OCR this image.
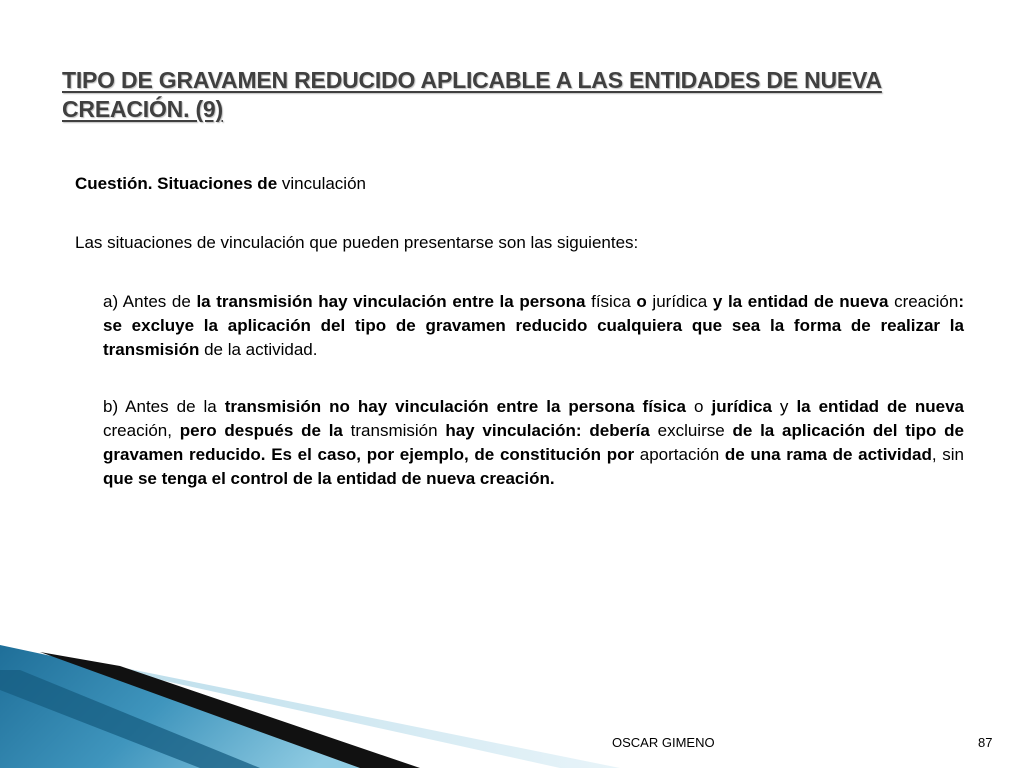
TIPO DE GRAVAMEN REDUCIDO APLICABLE A LAS ENTIDADES DE NUEVA CREACIÓN. (9)

Cuestión. Situaciones de vinculación

Las situaciones de vinculación que pueden presentarse son las siguientes:

a) Antes de la transmisión hay vinculación entre la persona física o jurídica y la entidad de nueva creación: se excluye la aplicación del tipo de gravamen reducido cualquiera que sea la forma de realizar la transmisión de la actividad.

b) Antes de la transmisión no hay vinculación entre la persona física o jurídica y la entidad de nueva creación, pero después de la transmisión hay vinculación: debería excluirse de la aplicación del tipo de gravamen reducido. Es el caso, por ejemplo, de constitución por aportación de una rama de actividad, sin que se tenga el control de la entidad de nueva creación.

OSCAR GIMENO	87
